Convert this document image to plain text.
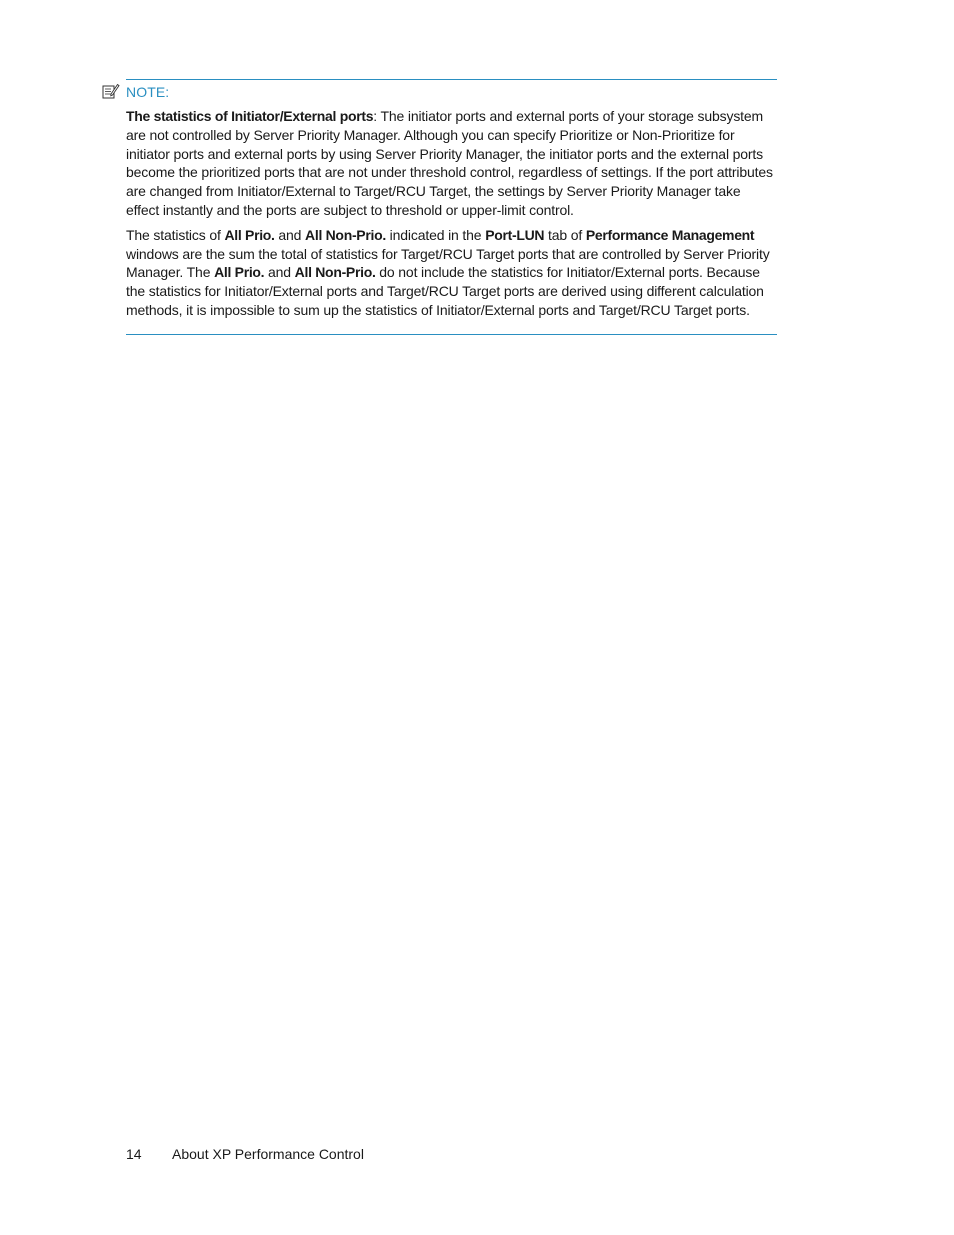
NOTE:

The statistics of Initiator/External ports: The initiator ports and external ports of your storage subsystem are not controlled by Server Priority Manager. Although you can specify Prioritize or Non-Prioritize for initiator ports and external ports by using Server Priority Manager, the initiator ports and the external ports become the prioritized ports that are not under threshold control, regardless of settings. If the port attributes are changed from Initiator/External to Target/RCU Target, the settings by Server Priority Manager take effect instantly and the ports are subject to threshold or upper-limit control.

The statistics of All Prio. and All Non-Prio. indicated in the Port-LUN tab of Performance Management windows are the sum the total of statistics for Target/RCU Target ports that are controlled by Server Priority Manager. The All Prio. and All Non-Prio. do not include the statistics for Initiator/External ports. Because the statistics for Initiator/External ports and Target/RCU Target ports are derived using different calculation methods, it is impossible to sum up the statistics of Initiator/External ports and Target/RCU Target ports.

14 About XP Performance Control
